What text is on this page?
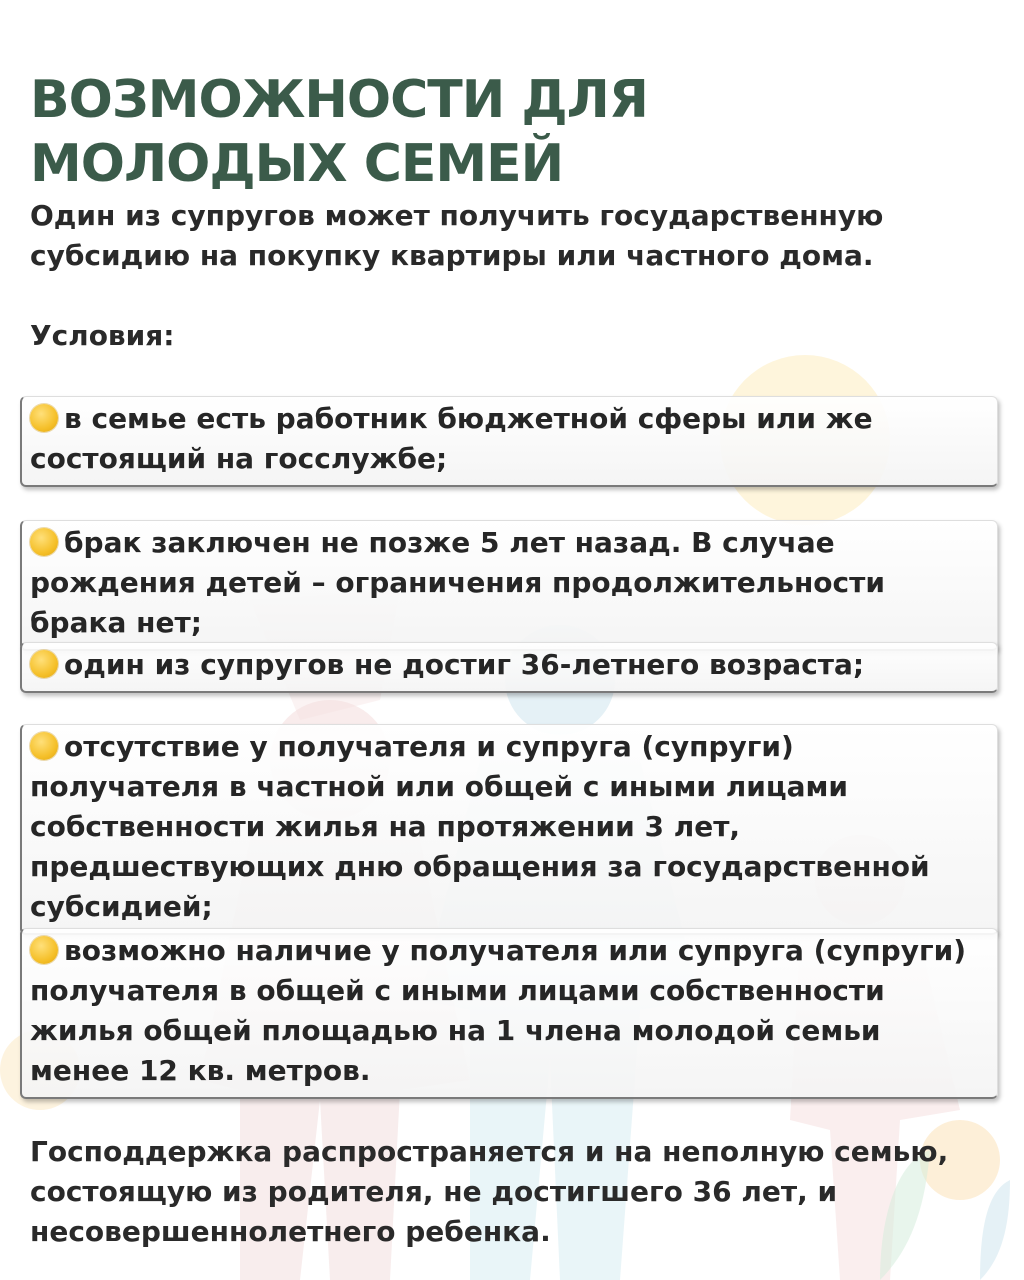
ВОЗМОЖНОСТИ ДЛЯ МОЛОДЫХ СЕМЕЙ

Один из супругов может получить государственную субсидию на покупку квартиры или частного дома.

Условия:

в семье есть работник бюджетной сферы или же состоящий на госслужбе;
брак заключен не позже 5 лет назад. В случае рождения детей – ограничения продолжительности брака нет;
один из супругов не достиг 36-летнего возраста;
отсутствие у получателя и супруга (супруги) получателя в частной или общей с иными лицами собственности жилья на протяжении 3 лет, предшествующих дню обращения за государственной субсидией;
возможно наличие у получателя или супруга (супруги) получателя в общей с иными лицами собственности жилья общей площадью на 1 члена молодой семьи менее 12 кв. метров.

Господдержка распространяется и на неполную семью, состоящую из родителя, не достигшего 36 лет, и несовершеннолетнего ребенка.
